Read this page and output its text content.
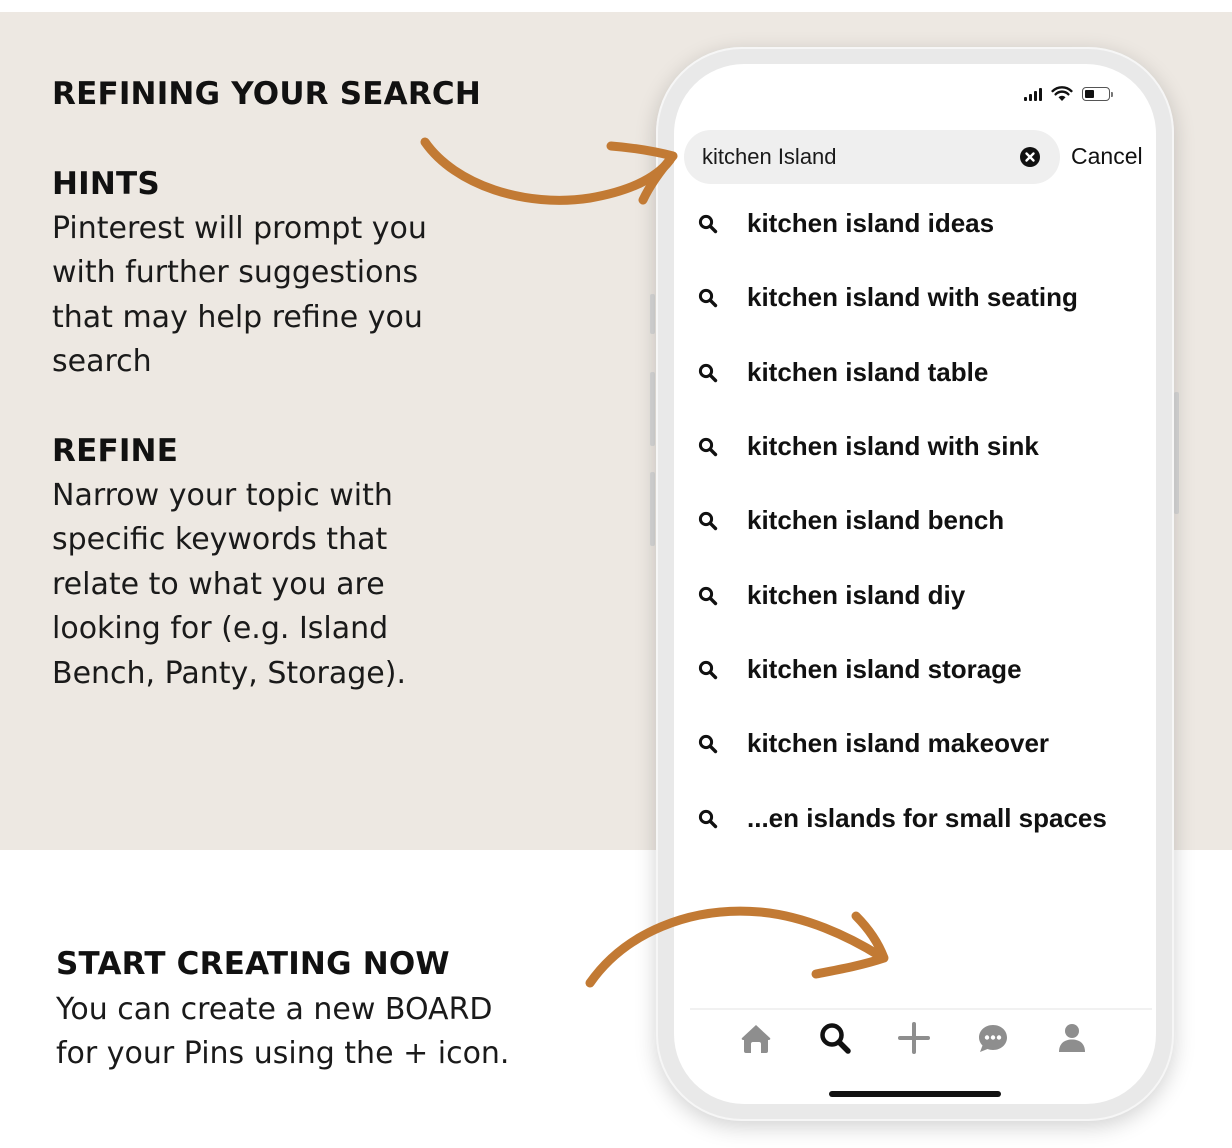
REFINING YOUR SEARCH
HINTS
Pinterest will prompt you
with further suggestions
that may help refine you
search
REFINE
Narrow your topic with
specific keywords that
relate to what you are
looking for (e.g. Island
Bench, Panty, Storage).
START CREATING NOW
You can create a new BOARD
for your Pins using the + icon.
kitchen Island	Cancel
kitchen island ideas
kitchen island with seating
kitchen island table
kitchen island with sink
kitchen island bench
kitchen island diy
kitchen island storage
kitchen island makeover
...en islands for small spaces
